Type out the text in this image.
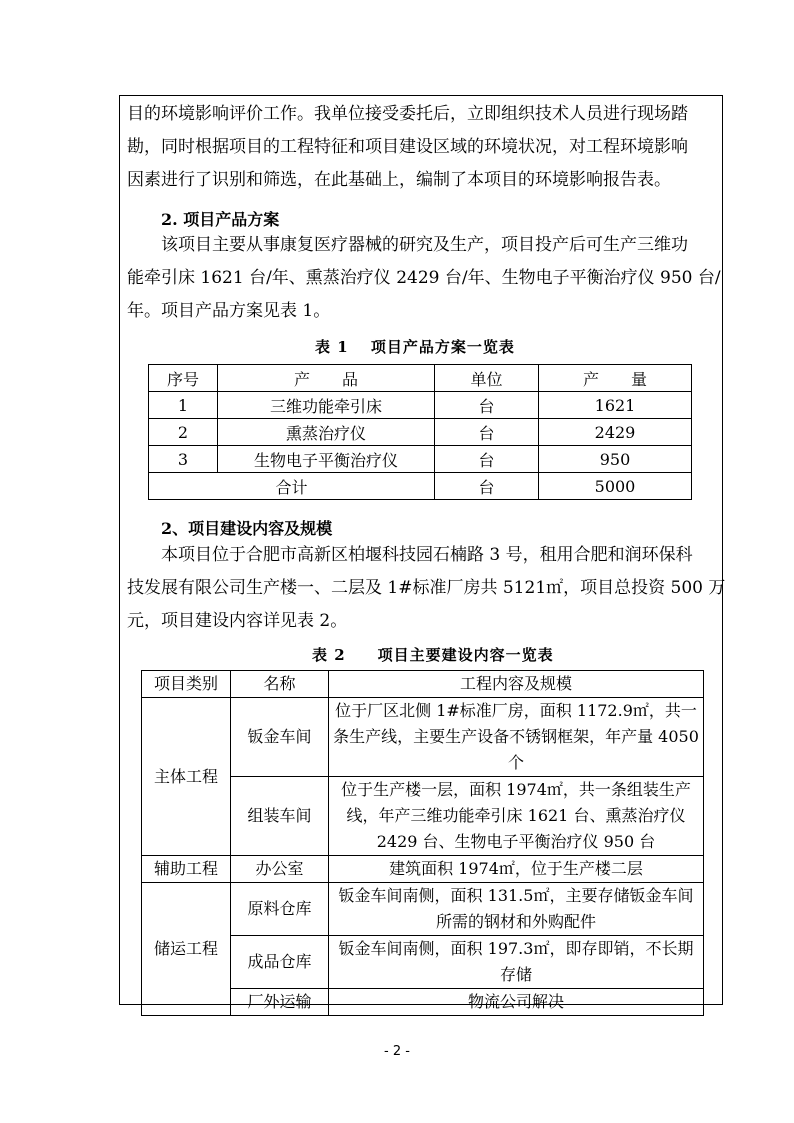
目的环境影响评价工作。我单位接受委托后，立即组织技术人员进行现场踏
勘，同时根据项目的工程特征和项目建设区域的环境状况，对工程环境影响
因素进行了识别和筛选，在此基础上，编制了本项目的环境影响报告表。
2. 项目产品方案
该项目主要从事康复医疗器械的研究及生产，项目投产后可生产三维功
能牵引床 1621 台/年、熏蒸治疗仪 2429 台/年、生物电子平衡治疗仪 950 台/
年。项目产品方案见表 1。
表 1　 项目产品方案一览表
序号	产　　品	单位	产　　量
1	三维功能牵引床	台	1621
2	熏蒸治疗仪	台	2429
3	生物电子平衡治疗仪	台	950
合计		台	5000
2、项目建设内容及规模
本项目位于合肥市高新区柏堰科技园石楠路 3 号，租用合肥和润环保科
技发展有限公司生产楼一、二层及 1#标准厂房共 5121㎡，项目总投资 500 万
元，项目建设内容详见表 2。
表 2　　项目主要建设内容一览表
项目类别	名称	工程内容及规模
主体工程	钣金车间	位于厂区北侧 1#标准厂房，面积 1172.9㎡，共一条生产线，主要生产设备不锈钢框架，年产量 4050 个
	组装车间	位于生产楼一层，面积 1974㎡，共一条组装生产线，年产三维功能牵引床 1621 台、熏蒸治疗仪 2429 台、生物电子平衡治疗仪 950 台
辅助工程	办公室	建筑面积 1974㎡，位于生产楼二层
储运工程	原料仓库	钣金车间南侧，面积 131.5㎡，主要存储钣金车间所需的钢材和外购配件
	成品仓库	钣金车间南侧，面积 197.3㎡，即存即销，不长期存储
	厂外运输	物流公司解决
- 2 -
